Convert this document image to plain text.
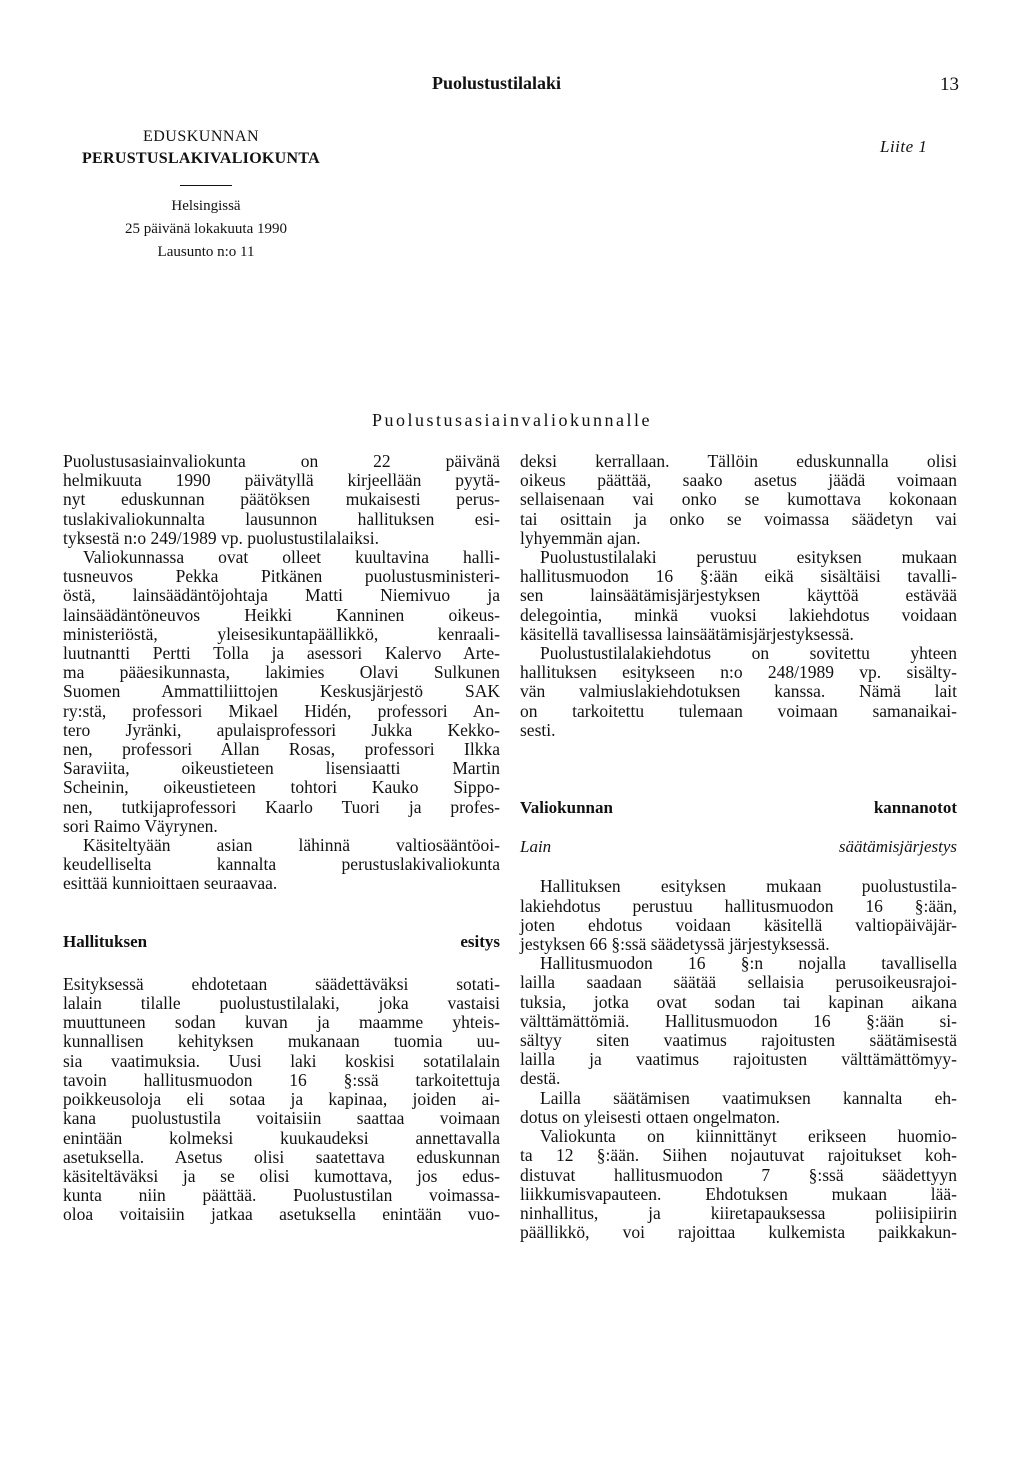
Puolustustilalaki	13
EDUSKUNNAN
PERUSTUSLAKIVALIOKUNTA
Liite 1
Helsingissä
25 päivänä lokakuuta 1990
Lausunto n:o 11
Puolustusasiainvaliokunnalle

Puolustusasiainvaliokunta on 22 päivänä

helmikuuta 1990 päivätyllä kirjeellään pyytä-

nyt eduskunnan päätöksen mukaisesti perus-

tuslakivaliokunnalta lausunnon hallituksen esi-

tyksestä n:o 249/1989 vp. puolustustilalaiksi.

Valiokunnassa ovat olleet kuultavina halli-

tusneuvos Pekka Pitkänen puolustusministeri-

östä, lainsäädäntöjohtaja Matti Niemivuo ja

lainsäädäntöneuvos Heikki Kanninen oikeus-

ministeriöstä, yleisesikuntapäällikkö, kenraali-

luutnantti Pertti Tolla ja asessori Kalervo Arte-

ma pääesikunnasta, lakimies Olavi Sulkunen

Suomen Ammattiliittojen Keskusjärjestö SAK

ry:stä, professori Mikael Hidén, professori An-

tero Jyränki, apulaisprofessori Jukka Kekko-

nen, professori Allan Rosas, professori Ilkka

Saraviita, oikeustieteen lisensiaatti Martin

Scheinin, oikeustieteen tohtori Kauko Sippo-

nen, tutkijaprofessori Kaarlo Tuori ja profes-

sori Raimo Väyrynen.

Käsiteltyään asian lähinnä valtiosääntöoi-

keudelliselta kannalta perustuslakivaliokunta

esittää kunnioittaen seuraavaa.

Hallituksen esitys

Esityksessä ehdotetaan säädettäväksi sotati-

lalain tilalle puolustustilalaki, joka vastaisi

muuttuneen sodan kuvan ja maamme yhteis-

kunnallisen kehityksen mukanaan tuomia uu-

sia vaatimuksia. Uusi laki koskisi sotatilalain

tavoin hallitusmuodon 16 §:ssä tarkoitettuja

poikkeusoloja eli sotaa ja kapinaa, joiden ai-

kana puolustustila voitaisiin saattaa voimaan

enintään kolmeksi kuukaudeksi annettavalla

asetuksella. Asetus olisi saatettava eduskunnan

käsiteltäväksi ja se olisi kumottava, jos edus-

kunta niin päättää. Puolustustilan voimassa-

oloa voitaisiin jatkaa asetuksella enintään vuo-

deksi kerrallaan. Tällöin eduskunnalla olisi

oikeus päättää, saako asetus jäädä voimaan

sellaisenaan vai onko se kumottava kokonaan

tai osittain ja onko se voimassa säädetyn vai

lyhyemmän ajan.

Puolustustilalaki perustuu esityksen mukaan

hallitusmuodon 16 §:ään eikä sisältäisi tavalli-

sen lainsäätämisjärjestyksen käyttöä estävää

delegointia, minkä vuoksi lakiehdotus voidaan

käsitellä tavallisessa lainsäätämisjärjestyksessä.

Puolustustilalakiehdotus on sovitettu yhteen

hallituksen esitykseen n:o 248/1989 vp. sisälty-

vän valmiuslakiehdotuksen kanssa. Nämä lait

on tarkoitettu tulemaan voimaan samanaikai-

sesti.

Valiokunnan kannanotot

Lain säätämisjärjestys

Hallituksen esityksen mukaan puolustustila-

lakiehdotus perustuu hallitusmuodon 16 §:ään,

joten ehdotus voidaan käsitellä valtiopäiväjär-

jestyksen 66 §:ssä säädetyssä järjestyksessä.

Hallitusmuodon 16 §:n nojalla tavallisella

lailla saadaan säätää sellaisia perusoikeusrajoi-

tuksia, jotka ovat sodan tai kapinan aikana

välttämättömiä. Hallitusmuodon 16 §:ään si-

sältyy siten vaatimus rajoitusten säätämisestä

lailla ja vaatimus rajoitusten välttämättömyy-

destä.

Lailla säätämisen vaatimuksen kannalta eh-

dotus on yleisesti ottaen ongelmaton.

Valiokunta on kiinnittänyt erikseen huomio-

ta 12 §:ään. Siihen nojautuvat rajoitukset koh-

distuvat hallitusmuodon 7 §:ssä säädettyyn

liikkumisvapauteen. Ehdotuksen mukaan lää-

ninhallitus, ja kiiretapauksessa poliisipiirin

päällikkö, voi rajoittaa kulkemista paikkakun-
